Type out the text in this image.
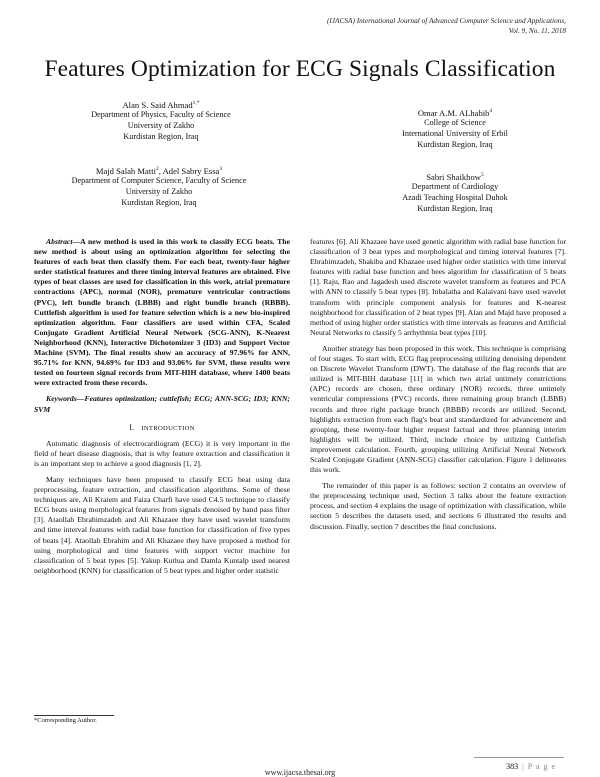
(IJACSA) International Journal of Advanced Computer Science and Applications,
Vol. 9, No. 11, 2018
Features Optimization for ECG Signals Classification
Alan S. Said Ahmad$^{1,*}$
Department of Physics, Faculty of Science
University of Zakho
Kurdistan Region, Iraq
Omar A.M. ALhabib$^4$
College of Science
International University of Erbil
Kurdistan Region, Iraq
Majd Salah Matti$^2$, Adel Sabry Essa$^3$
Department of Computer Science, Faculty of Science
University of Zakho
Kurdistan Region, Iraq
Sabri Shaikhow$^5$
Department of Cardiology
Azadi Teaching Hospital Duhok
Kurdistan Region, Iraq

Abstract—A new method is used in this work to classify ECG beats. The new method is about using an optimization algorithm for selecting the features of each beat then classify them. For each beat, twenty-four higher order statistical features and three timing interval features are obtained. Five types of beat classes are used for classification in this work, atrial premature contractions (APC), normal (NOR), premature ventricular contractions (PVC), left bundle branch (LBBB) and right bundle branch (RBBB). Cuttlefish algorithm is used for feature selection which is a new bio-inspired optimization algorithm. Four classifiers are used within CFA, Scaled Conjugate Gradient Artificial Neural Network (SCG-ANN), K-Nearest Neighborhood (KNN), Interactive Dichotomizer 3 (ID3) and Support Vector Machine (SVM). The final results show an accuracy of 97.96% for ANN, 95.71% for KNN, 94.69% for ID3 and 93.06% for SVM, these results were tested on fourteen signal records from MIT-HIH database, where 1400 beats were extracted from these records.

Keywords—Features optimization; cuttlefish; ECG; ANN-SCG; ID3; KNN; SVM

I. INTRODUCTION

Automatic diagnosis of electrocardiogram (ECG) it is very important in the field of heart disease diagnosis, that is why feature extraction and classification it is an important step to achieve a good diagnosis [1, 2].

Many techniques have been proposed to classify ECG beat using data preprocessing, feature extraction, and classification algorithms. Some of these techniques are, Ali Kraiem and Faiza Charfi have used C4.5 technique to classify ECG beats using morphological features from signals denoised by band pass filter [3]. Ataollah Ebrahimzadeh and Ali Khazaee they have used wavelet transform and time interval features with radial base function for classification of five types of beats [4]. Ataollah Ebrahim and Ali Khazaee they have proposed a method for using morphological and time features with support vector machine for classification of 5 beat types [5]. Yakup Kutlua and Damla Kuntalp used nearest neighborhood (KNN) for classification of 5 beat types and higher order statistic

features [6]. Ali Khazaee have used genetic algorithm with radial base function for classification of 3 beat types and morphological and timing interval features [7]. Ebrahimzadeh, Shakiba and Khazaee used higher order statistics with time interval features with radial base function and bees algorithm for classification of 5 beats [1]. Raju, Rao and Jagadesh used discrete wavelet transform as features and PCA with ANN to classify 5 beat types [8]. Inbalatha and Kalaivani have used wavelet transform with principle component analysis for features and K-nearest neighborhood for classification of 2 beat types [9]. Alan and Majd have proposed a method of using higher order statistics with time intervals as features and Artificial Neural Networks to classify 5 arrhythmia beat types [10].

Another strategy has been proposed in this work. This technique is comprising of four stages. To start with, ECG flag preprocessing utilizing denoising dependent on Discrete Wavelet Transform (DWT). The database of the flag records that are utilized is MIT-BIH database [11] in which two atrial untimely constrictions (APC) records are chosen, three ordinary (NOR) records, three untimely ventricular compressions (PVC) records, three remaining group branch (LBBB) records and three right package branch (RBBB) records are utilized. Second, highlights extraction from each flag's beat and standardized for advancement and grouping, these twenty-four higher request factual and three planning interim highlights will be utilized. Third, include choice by utilizing Cuttlefish improvement calculation. Fourth, grouping utilizing Artificial Neural Network Scaled Conjugate Gradient (ANN-SCG) classifier calculation. Figure 1 delineates this work.

The remainder of this paper is as follows: section 2 contains an overview of the preprocessing technique used, Section 3 talks about the feature extraction process, and section 4 explains the usage of optimization with classification, while section 5 describes the datasets used, and sections 6 illustrated the results and discussion. Finally, section 7 describes the final conclusions.

*Corresponding Author.
383 | P a g e
www.ijacsa.thesai.org
